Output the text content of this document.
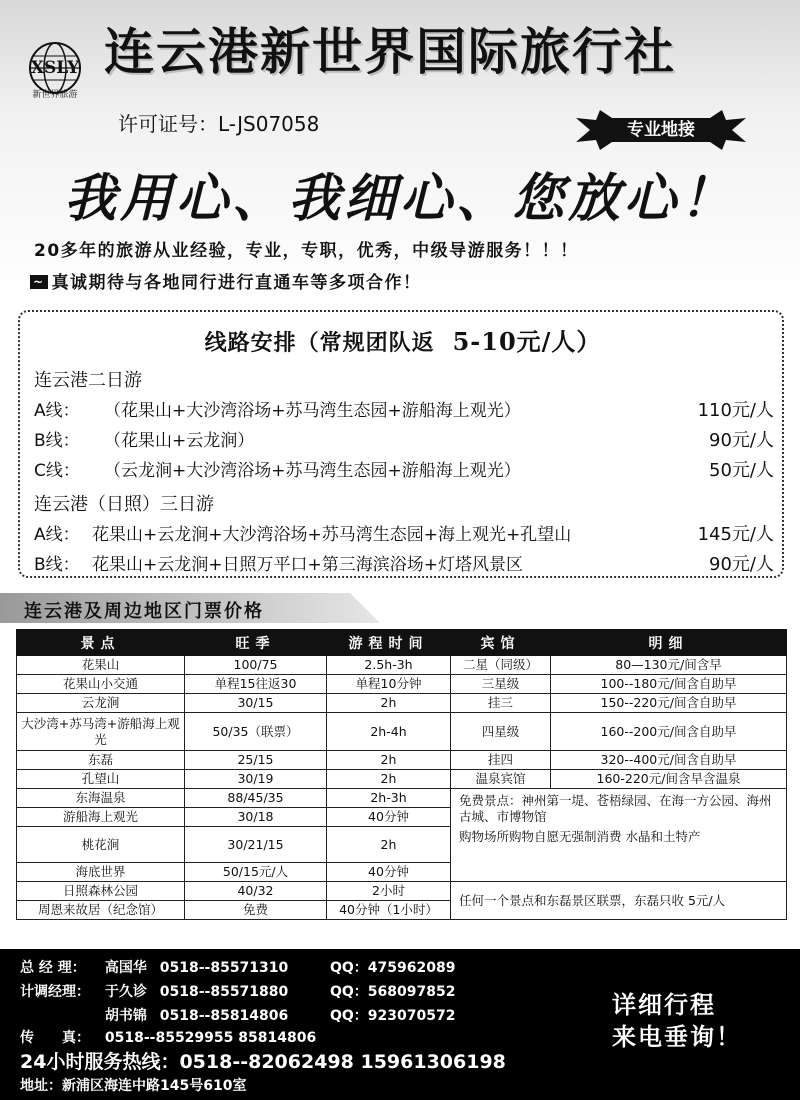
XSLY
新世界旅游
连云港新世界国际旅行社
许可证号：L-JS07058	专业地接
我用心、我细心、您放心！
20多年的旅游从业经验，专业，专职，优秀，中级导游服务！！！
~ 真诚期待与各地同行进行直通车等多项合作！
线路安排（常规团队返 5-10元/人）
连云港二日游
A线： （花果山+大沙湾浴场+苏马湾生态园+游船海上观光）	110元/人
B线： （花果山+云龙涧）	90元/人
C线： （云龙涧+大沙湾浴场+苏马湾生态园+游船海上观光）	50元/人
连云港（日照）三日游
A线： 花果山+云龙涧+大沙湾浴场+苏马湾生态园+海上观光+孔望山	145元/人
B线： 花果山+云龙涧+日照万平口+第三海滨浴场+灯塔风景区	90元/人
连云港及周边地区门票价格
景点	旺季	游程时间	宾馆	明细
花果山	100/75	2.5h-3h	二星（同级）	80—130元/间含早
花果山小交通	单程15往返30	单程10分钟	三星级	100--180元/间含自助早
云龙涧	30/15	2h	挂三	150--220元/间含自助早
大沙湾+苏马湾+游船海上观光	50/35（联票）	2h-4h	四星级	160--200元/间含自助早
东磊	25/15	2h	挂四	320--400元/间含自助早
孔望山	30/19	2h	温泉宾馆	160-220元/间含早含温泉
东海温泉	88/45/35	2h-3h	免费景点：神州第一堤、苍梧绿园、在海一方公园、海州古城、市博物馆
购物场所购物自愿无强制消费 水晶和土特产	

游船海上观光	30/18	40分钟		
桃花涧	30/21/15	2h		
海底世界	50/15元/人	40分钟		
日照森林公园	40/32	2小时	任何一个景点和东磊景区联票，东磊只收 5元/人	
周恩来故居（纪念馆）	免费	40分钟（1小时）		
总 经 理： 高国华 0518--85571310	QQ：475962089
计调经理： 于久诊 0518--85571880	QQ：568097852
胡书锦 0518--85814806	QQ：923070572
传　　真： 0518--85529955 85814806
24小时服务热线：0518--82062498 15961306198
地址：新浦区海连中路145号610室
详细行程
来电垂询！
